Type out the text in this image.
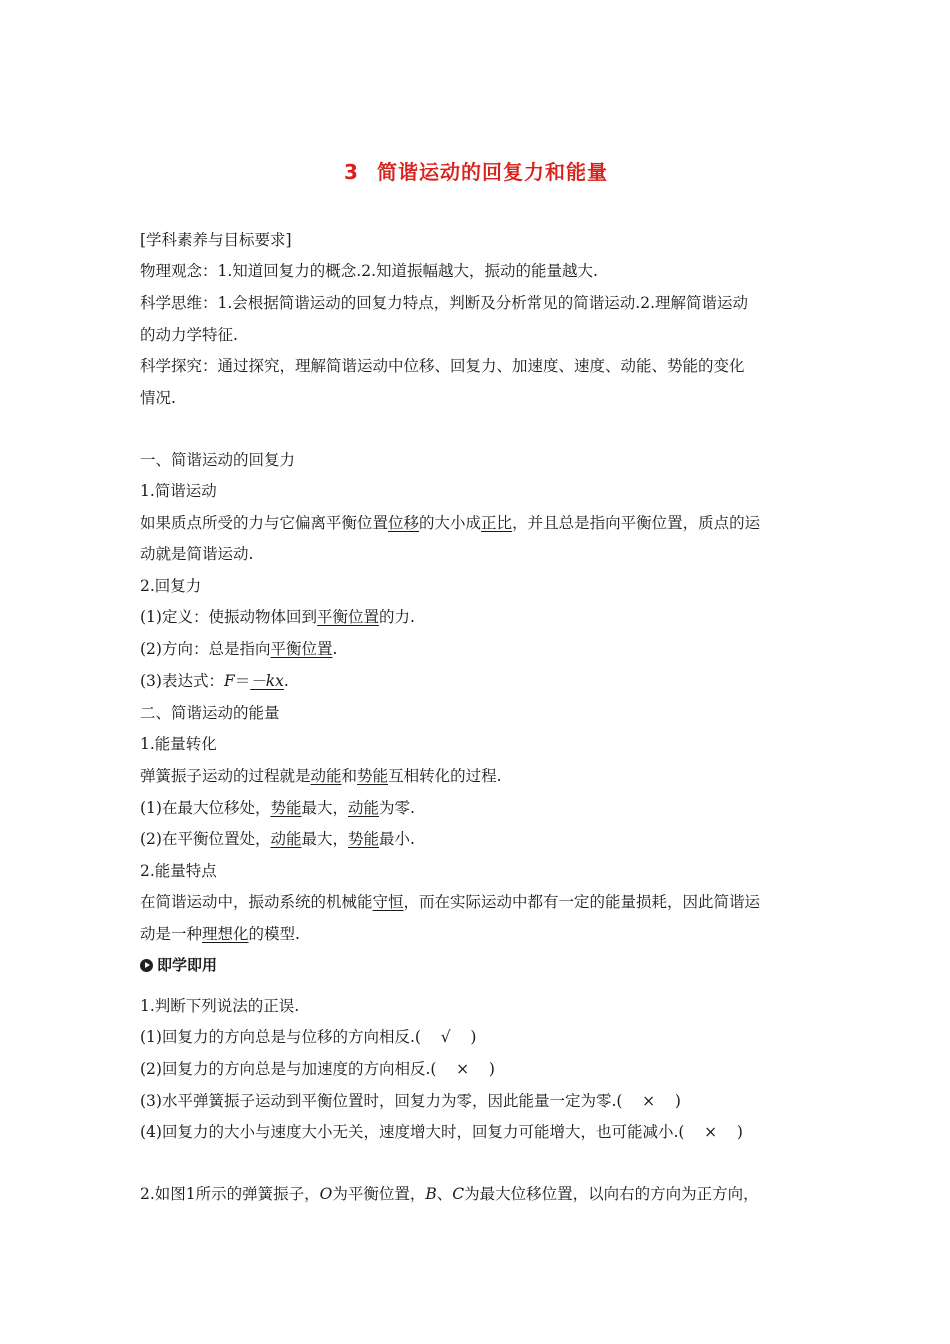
3 简谐运动的回复力和能量
[学科素养与目标要求]
物理观念：1.知道回复力的概念.2.知道振幅越大，振动的能量越大.
科学思维：1.会根据简谐运动的回复力特点，判断及分析常见的简谐运动.2.理解简谐运动
的动力学特征.
科学探究：通过探究，理解简谐运动中位移、回复力、加速度、速度、动能、势能的变化
情况.
一、简谐运动的回复力
1.简谐运动
如果质点所受的力与它偏离平衡位置位移的大小成正比，并且总是指向平衡位置，质点的运
动就是简谐运动.
2.回复力
(1)定义：使振动物体回到平衡位置的力.
(2)方向：总是指向平衡位置.
(3)表达式：F＝－kx.
二、简谐运动的能量
1.能量转化
弹簧振子运动的过程就是动能和势能互相转化的过程.
(1)在最大位移处，势能最大，动能为零.
(2)在平衡位置处，动能最大，势能最小.
2.能量特点
在简谐运动中，振动系统的机械能守恒，而在实际运动中都有一定的能量损耗，因此简谐运
动是一种理想化的模型.
即学即用
1.判断下列说法的正误.
(1)回复力的方向总是与位移的方向相反.( √ )
(2)回复力的方向总是与加速度的方向相反.( × )
(3)水平弹簧振子运动到平衡位置时，回复力为零，因此能量一定为零.( × )
(4)回复力的大小与速度大小无关，速度增大时，回复力可能增大，也可能减小.( × )
2.如图1所示的弹簧振子，O为平衡位置，B、C为最大位移位置，以向右的方向为正方向，
